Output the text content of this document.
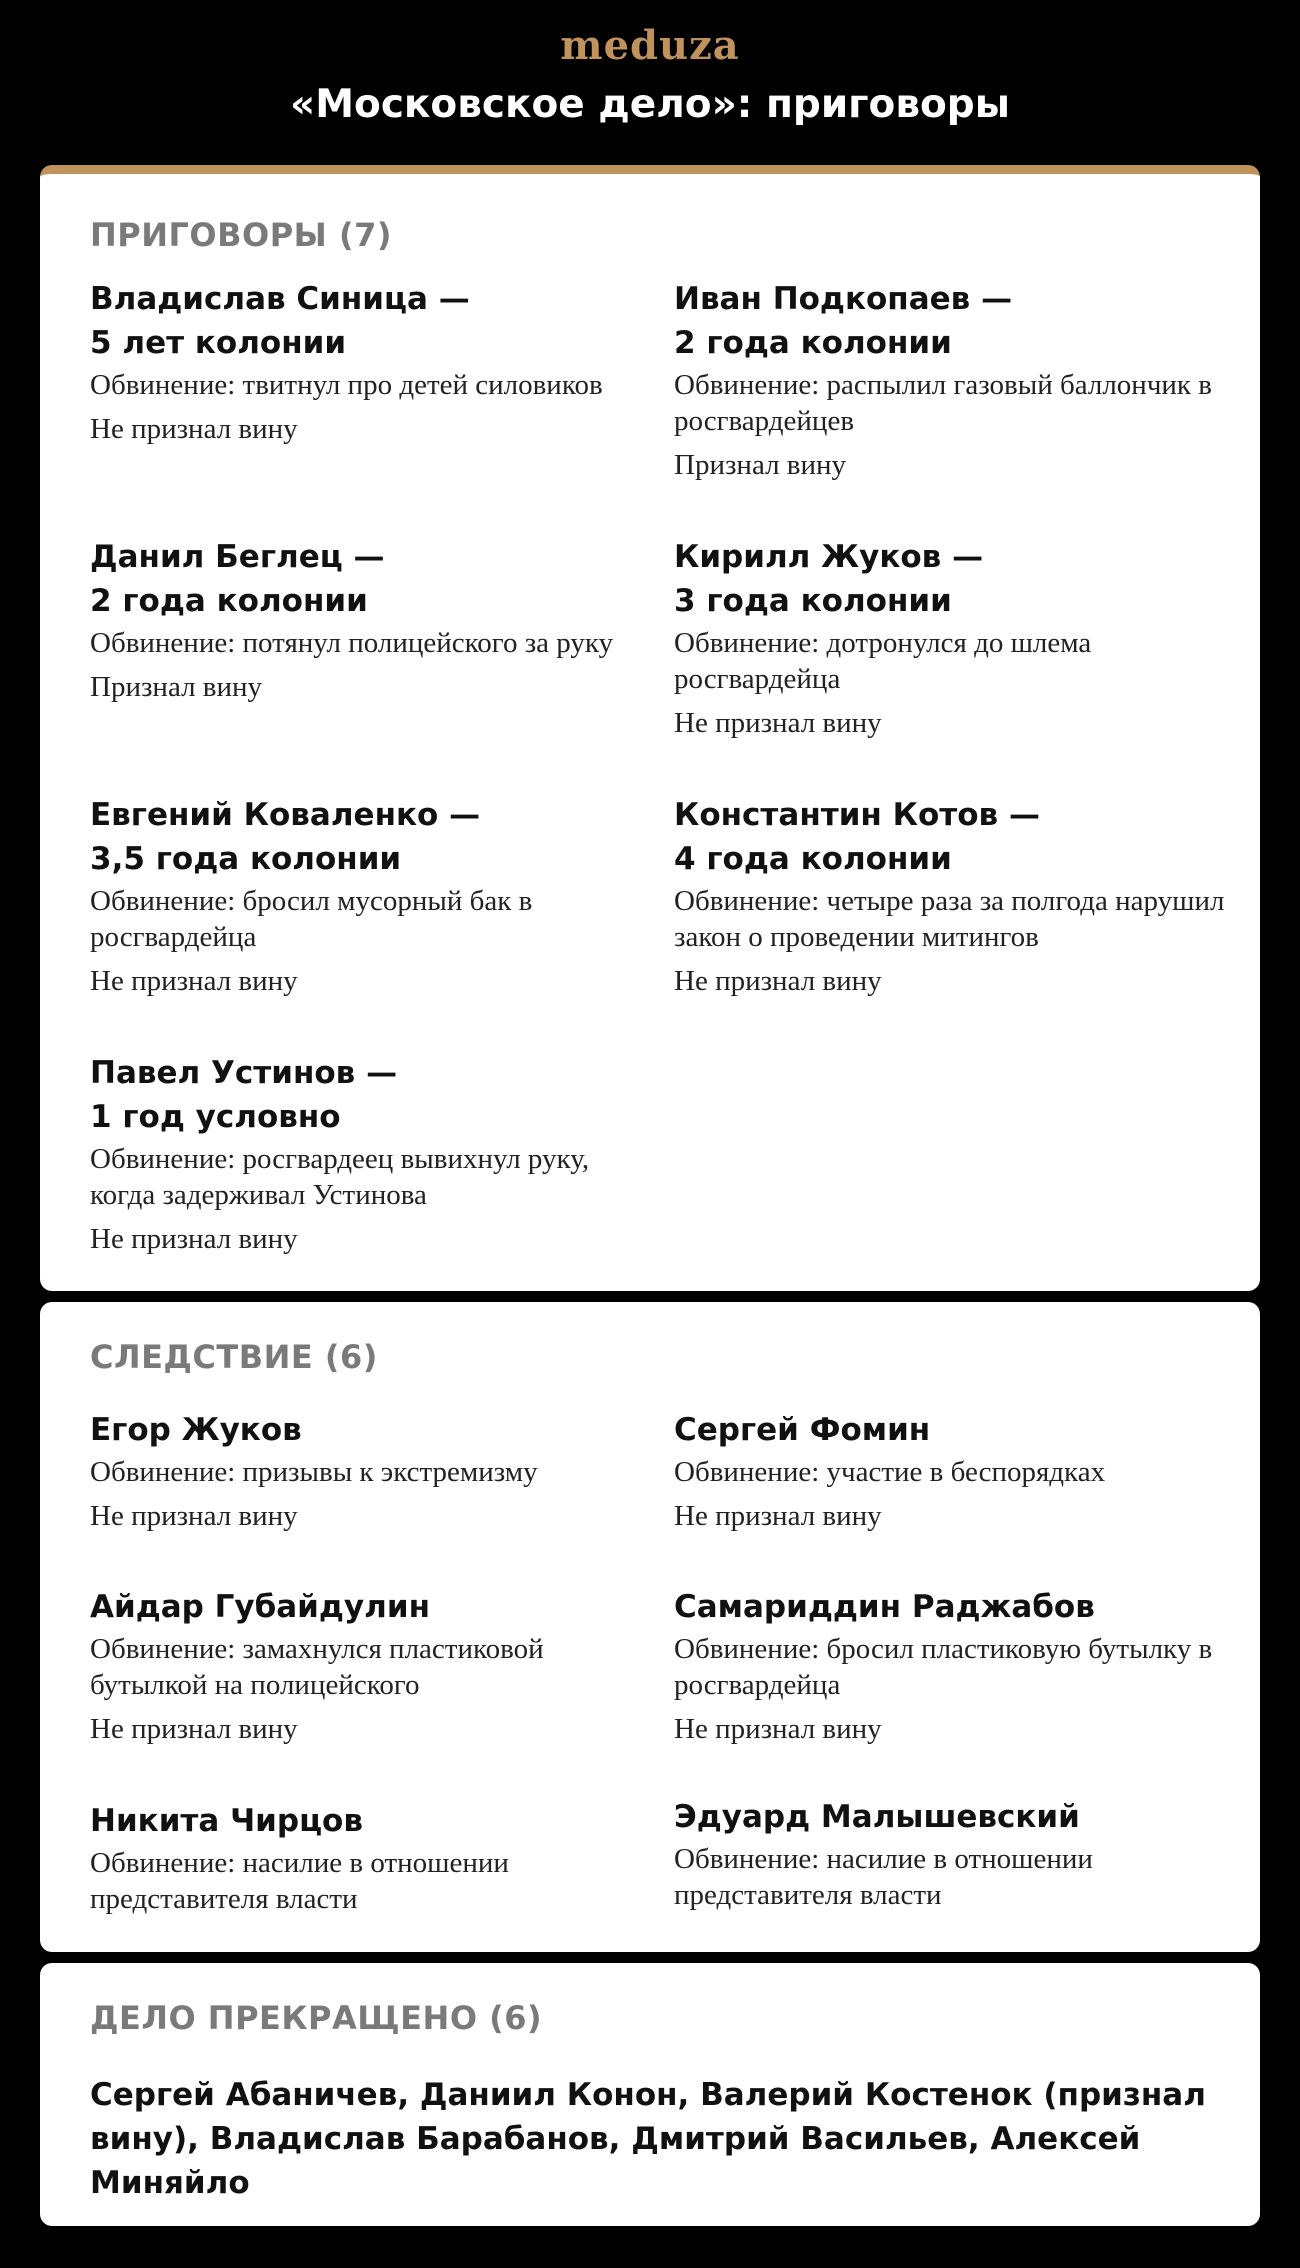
meduza
«Московское дело»: приговоры
ПРИГОВОРЫ (7)
Владислав Синица —
5 лет колонии
Обвинение: твитнул про детей силовиков
Не признал вину
Иван Подкопаев —
2 года колонии
Обвинение: распылил газовый баллончик в росгвардейцев
Признал вину
Данил Беглец —
2 года колонии
Обвинение: потянул полицейского за руку
Признал вину
Кирилл Жуков —
3 года колонии
Обвинение: дотронулся до шлема росгвардейца
Не признал вину
Евгений Коваленко —
3,5 года колонии
Обвинение: бросил мусорный бак в росгвардейца
Не признал вину
Константин Котов —
4 года колонии
Обвинение: четыре раза за полгода нарушил закон о проведении митингов
Не признал вину
Павел Устинов —
1 год условно
Обвинение: росгвардеец вывихнул руку, когда задерживал Устинова
Не признал вину
СЛЕДСТВИЕ (6)
Егор Жуков
Обвинение: призывы к экстремизму
Не признал вину
Сергей Фомин
Обвинение: участие в беспорядках
Не признал вину
Айдар Губайдулин
Обвинение: замахнулся пластиковой бутылкой на полицейского
Не признал вину
Самариддин Раджабов
Обвинение: бросил пластиковую бутылку в росгвардейца
Не признал вину
Никита Чирцов
Обвинение: насилие в отношении представителя власти
Эдуард Малышевский
Обвинение: насилие в отношении представителя власти
ДЕЛО ПРЕКРАЩЕНО (6)

Сергей Абаничев, Даниил Конон, Валерий Костенок (признал вину), Владислав Барабанов, Дмитрий Васильев, Алексей Миняйло
